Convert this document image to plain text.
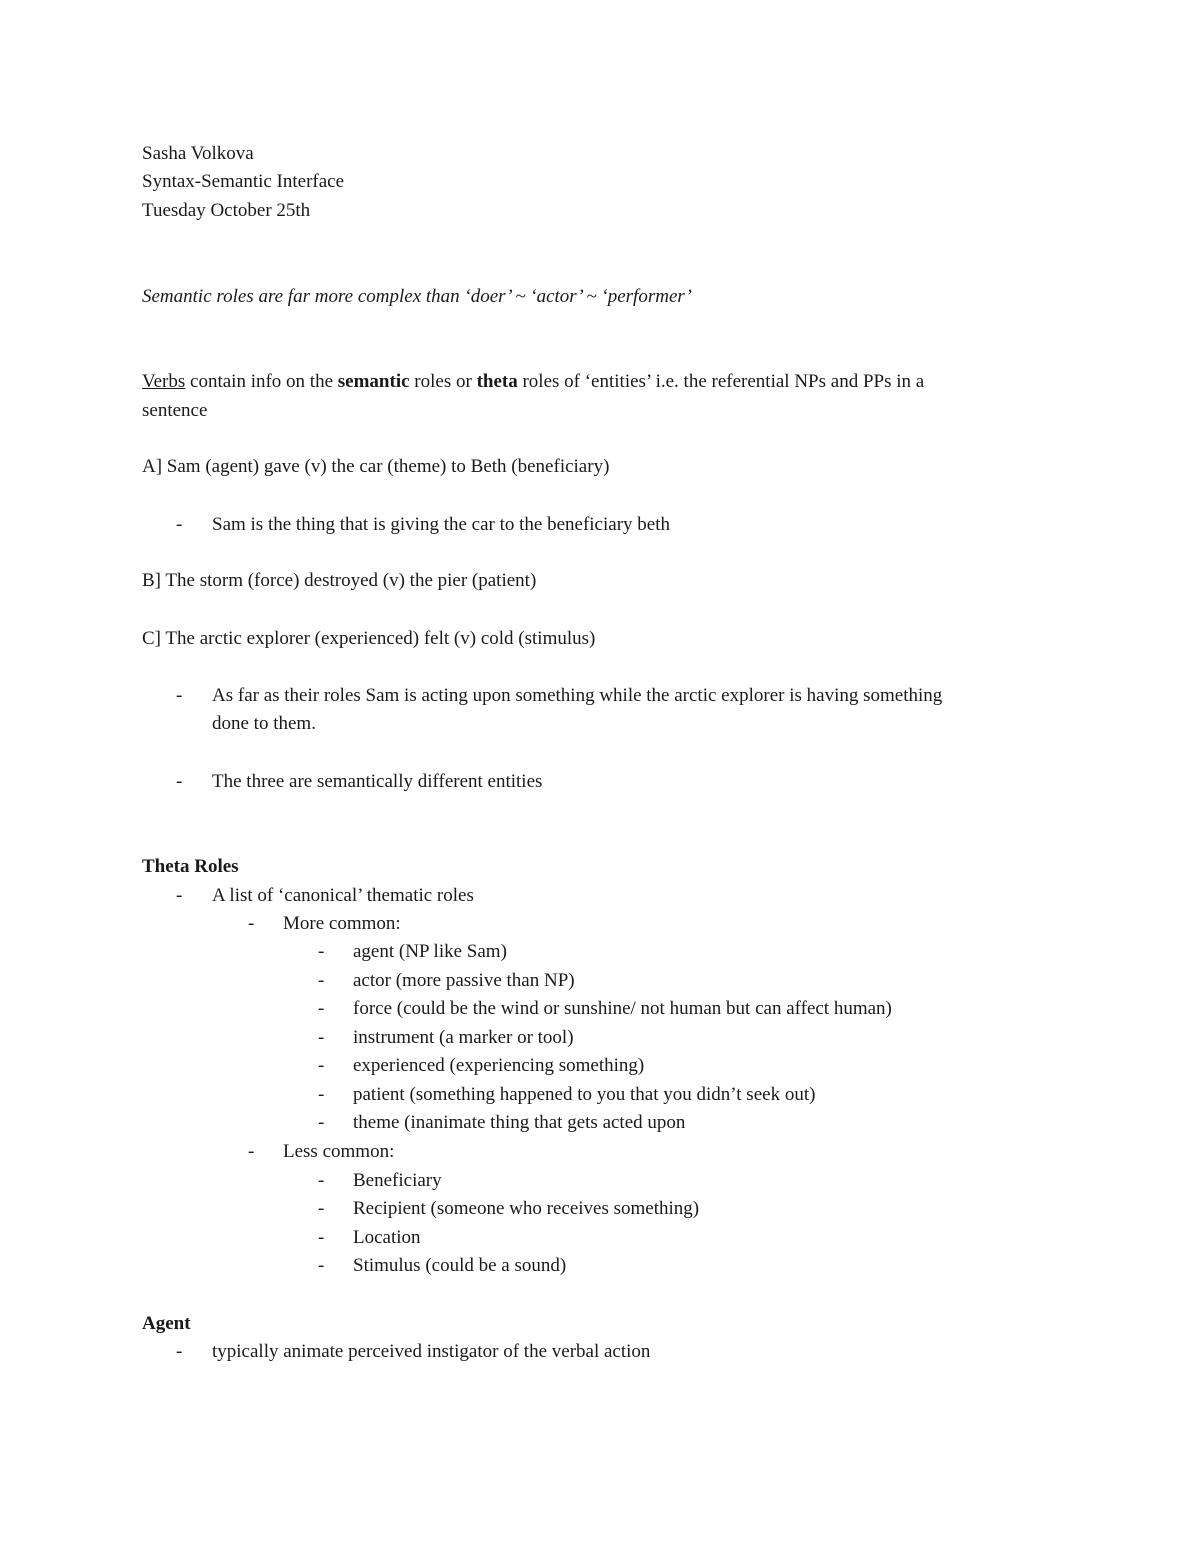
Sasha Volkova
Syntax-Semantic Interface
Tuesday October 25th
Semantic roles are far more complex than ‘doer’ ~ ‘actor’ ~ ‘performer’
Verbs contain info on the semantic roles or theta roles of ‘entities’ i.e. the referential NPs and PPs in a
sentence
A] Sam (agent) gave (v) the car (theme) to Beth (beneficiary)
- Sam is the thing that is giving the car to the beneficiary beth
B] The storm (force) destroyed (v) the pier (patient)
C] The arctic explorer (experienced) felt (v) cold (stimulus)
- As far as their roles Sam is acting upon something while the arctic explorer is having something
done to them.
- The three are semantically different entities
Theta Roles
- A list of ‘canonical’ thematic roles
- More common:
- agent (NP like Sam)
- actor (more passive than NP)
- force (could be the wind or sunshine/ not human but can affect human)
- instrument (a marker or tool)
- experienced (experiencing something)
- patient (something happened to you that you didn’t seek out)
- theme (inanimate thing that gets acted upon
- Less common:
- Beneficiary
- Recipient (someone who receives something)
- Location
- Stimulus (could be a sound)
Agent
- typically animate perceived instigator of the verbal action
